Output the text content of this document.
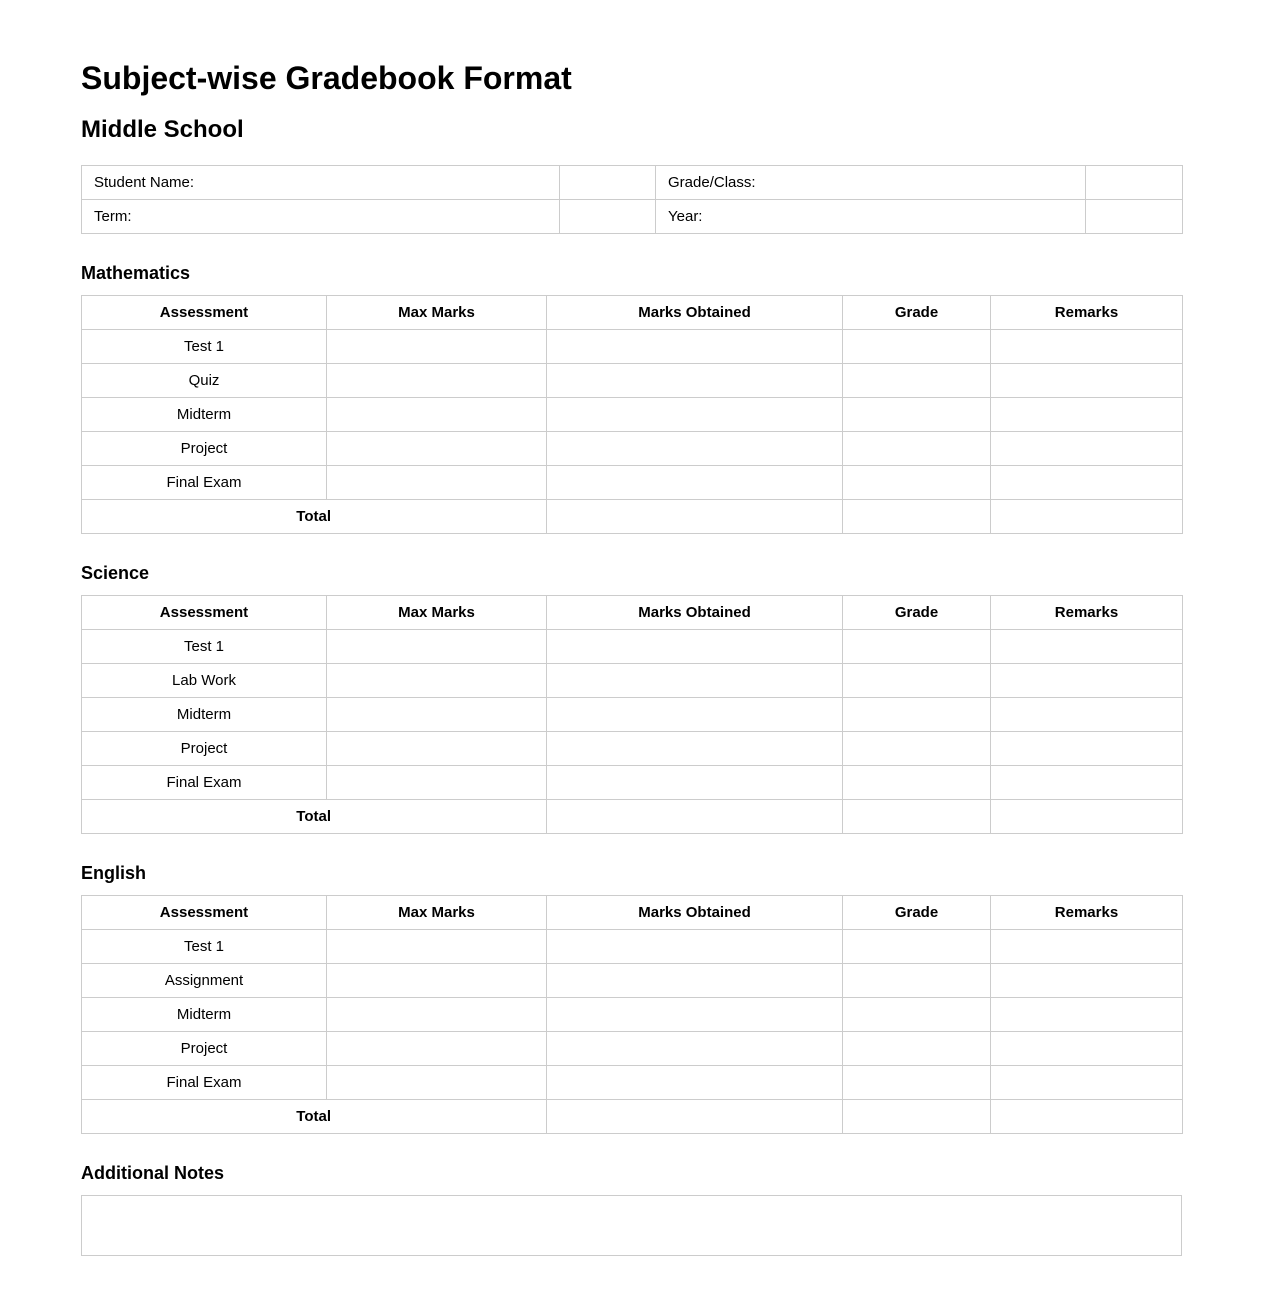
Subject-wise Gradebook Format
Middle School
Student Name:		Grade/Class:	
Term:		Year:	
Mathematics
Assessment	Max Marks	Marks Obtained	Grade	Remarks
Test 1				
Quiz				
Midterm				
Project				
Final Exam				
Total				
Science
Assessment	Max Marks	Marks Obtained	Grade	Remarks
Test 1				
Lab Work				
Midterm				
Project				
Final Exam				
Total				
English
Assessment	Max Marks	Marks Obtained	Grade	Remarks
Test 1				
Assignment				
Midterm				
Project				
Final Exam				
Total				
Additional Notes
